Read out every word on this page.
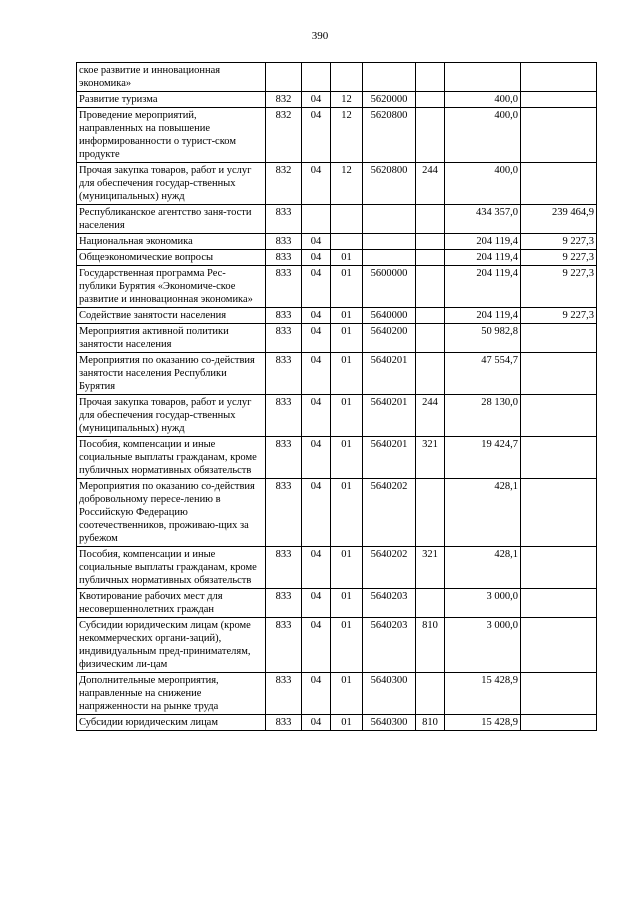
390
ское развитие и инновационная экономика»							
Развитие туризма	832	04	12	5620000		400,0	
Проведение мероприятий, направленных на повышение информированности о турист-ском продукте	832	04	12	5620800		400,0	
Прочая закупка товаров, работ и услуг для обеспечения государ-ственных (муниципальных) нужд	832	04	12	5620800	244	400,0	
Республиканское агентство заня-тости населения	833					434 357,0	239 464,9
Национальная экономика	833	04				204 119,4	9 227,3
Общеэкономические вопросы	833	04	01			204 119,4	9 227,3
Государственная программа Рес-публики Бурятия «Экономиче-ское развитие и инновационная экономика»	833	04	01	5600000		204 119,4	9 227,3
Содействие занятости населения	833	04	01	5640000		204 119,4	9 227,3
Мероприятия активной политики занятости населения	833	04	01	5640200		50 982,8	
Мероприятия по оказанию со-действия занятости населения Республики Бурятия	833	04	01	5640201		47 554,7	
Прочая закупка товаров, работ и услуг для обеспечения государ-ственных (муниципальных) нужд	833	04	01	5640201	244	28 130,0	
Пособия, компенсации и иные социальные выплаты гражданам, кроме публичных нормативных обязательств	833	04	01	5640201	321	19 424,7	
Мероприятия по оказанию со-действия добровольному пересе-лению в Российскую Федерацию соотечественников, проживаю-щих за рубежом	833	04	01	5640202		428,1	
Пособия, компенсации и иные социальные выплаты гражданам, кроме публичных нормативных обязательств	833	04	01	5640202	321	428,1	
Квотирование рабочих мест для несовершеннолетних граждан	833	04	01	5640203		3 000,0	
Субсидии юридическим лицам (кроме некоммерческих органи-заций), индивидуальным пред-принимателям, физическим ли-цам	833	04	01	5640203	810	3 000,0	
Дополнительные мероприятия, направленные на снижение напряженности на рынке труда	833	04	01	5640300		15 428,9	
Субсидии юридическим лицам	833	04	01	5640300	810	15 428,9	
